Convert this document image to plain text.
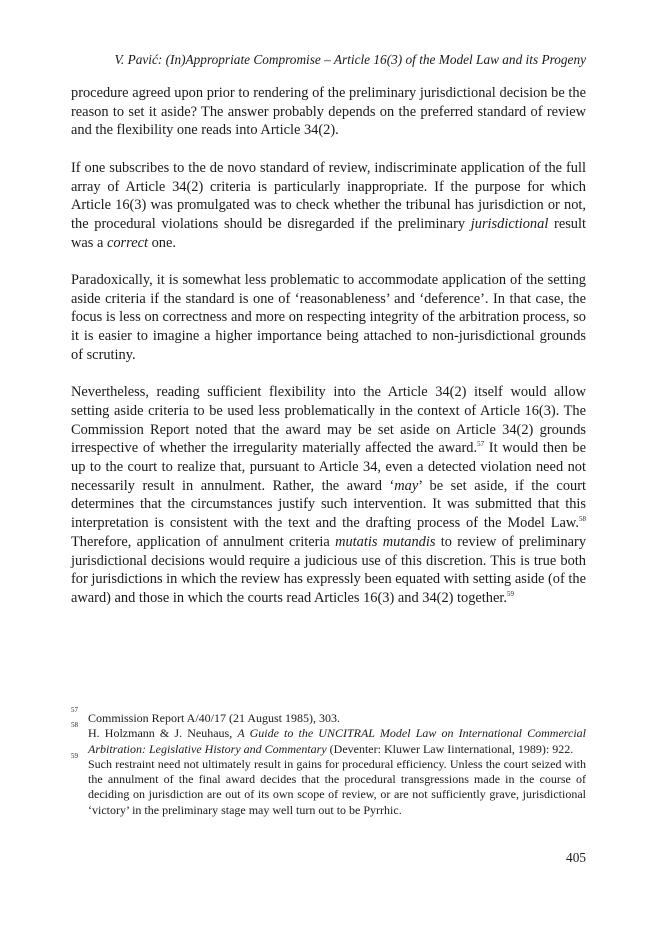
V. Pavić: (In)Appropriate Compromise – Article 16(3) of the Model Law and its Progeny

procedure agreed upon prior to rendering of the preliminary jurisdictional decision be the reason to set it aside? The answer probably depends on the preferred standard of review and the flexibility one reads into Article 34(2).

If one subscribes to the de novo standard of review, indiscriminate application of the full array of Article 34(2) criteria is particularly inappropriate. If the purpose for which Article 16(3) was promulgated was to check whether the tribunal has jurisdiction or not, the procedural violations should be disregarded if the preliminary jurisdictional result was a correct one.

Paradoxically, it is somewhat less problematic to accommodate application of the setting aside criteria if the standard is one of ‘reasonableness’ and ‘deference’. In that case, the focus is less on correctness and more on respecting integrity of the arbitration process, so it is easier to imagine a higher importance being attached to non-jurisdictional grounds of scrutiny.

Nevertheless, reading sufficient flexibility into the Article 34(2) itself would allow setting aside criteria to be used less problematically in the context of Article 16(3). The Commission Report noted that the award may be set aside on Article 34(2) grounds irrespective of whether the irregularity materially affected the award.$^{57}$ It would then be up to the court to realize that, pursuant to Article 34, even a detected violation need not necessarily result in annulment. Rather, the award ‘may’ be set aside, if the court determines that the circumstances justify such intervention. It was submitted that this interpretation is consistent with the text and the drafting process of the Model Law.$^{58}$ Therefore, application of annulment criteria mutatis mutandis to review of preliminary jurisdictional decisions would require a judicious use of this discretion. This is true both for jurisdictions in which the review has expressly been equated with setting aside (of the award) and those in which the courts read Articles 16(3) and 34(2) together.$^{59}$

57
Commission Report A/40/17 (21 August 1985), 303.
58
H. Holzmann & J. Neuhaus, A Guide to the UNCITRAL Model Law on International Commercial Arbitration: Legislative History and Commentary (Deventer: Kluwer Law Iinternational, 1989): 922.
59
Such restraint need not ultimately result in gains for procedural efficiency. Unless the court seized with the annulment of the final award decides that the procedural transgressions made in the course of deciding on jurisdiction are out of its own scope of review, or are not sufficiently grave, jurisdictional ‘victory’ in the preliminary stage may well turn out to be Pyrrhic.
405
